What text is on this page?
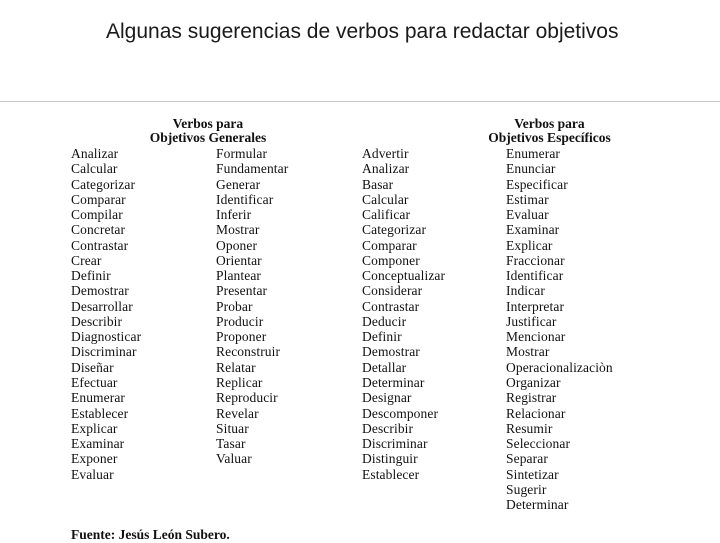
Algunas sugerencias de verbos para redactar objetivos
Verbos para
Objetivos Generales
Verbos para
Objetivos Específicos
Analizar
Calcular
Categorizar
Comparar
Compilar
Concretar
Contrastar
Crear
Definir
Demostrar
Desarrollar
Describir
Diagnosticar
Discriminar
Diseñar
Efectuar
Enumerar
Establecer
Explicar
Examinar
Exponer
Evaluar
Formular
Fundamentar
Generar
Identificar
Inferir
Mostrar
Oponer
Orientar
Plantear
Presentar
Probar
Producir
Proponer
Reconstruir
Relatar
Replicar
Reproducir
Revelar
Situar
Tasar
Valuar
Advertir
Analizar
Basar
Calcular
Calificar
Categorizar
Comparar
Componer
Conceptualizar
Considerar
Contrastar
Deducir
Definir
Demostrar
Detallar
Determinar
Designar
Descomponer
Describir
Discriminar
Distinguir
Establecer
Enumerar
Enunciar
Especificar
Estimar
Evaluar
Examinar
Explicar
Fraccionar
Identificar
Indicar
Interpretar
Justificar
Mencionar
Mostrar
Operacionalizaciòn
Organizar
Registrar
Relacionar
Resumir
Seleccionar
Separar
Sintetizar
Sugerir
Determinar
Fuente: Jesús León Subero.
